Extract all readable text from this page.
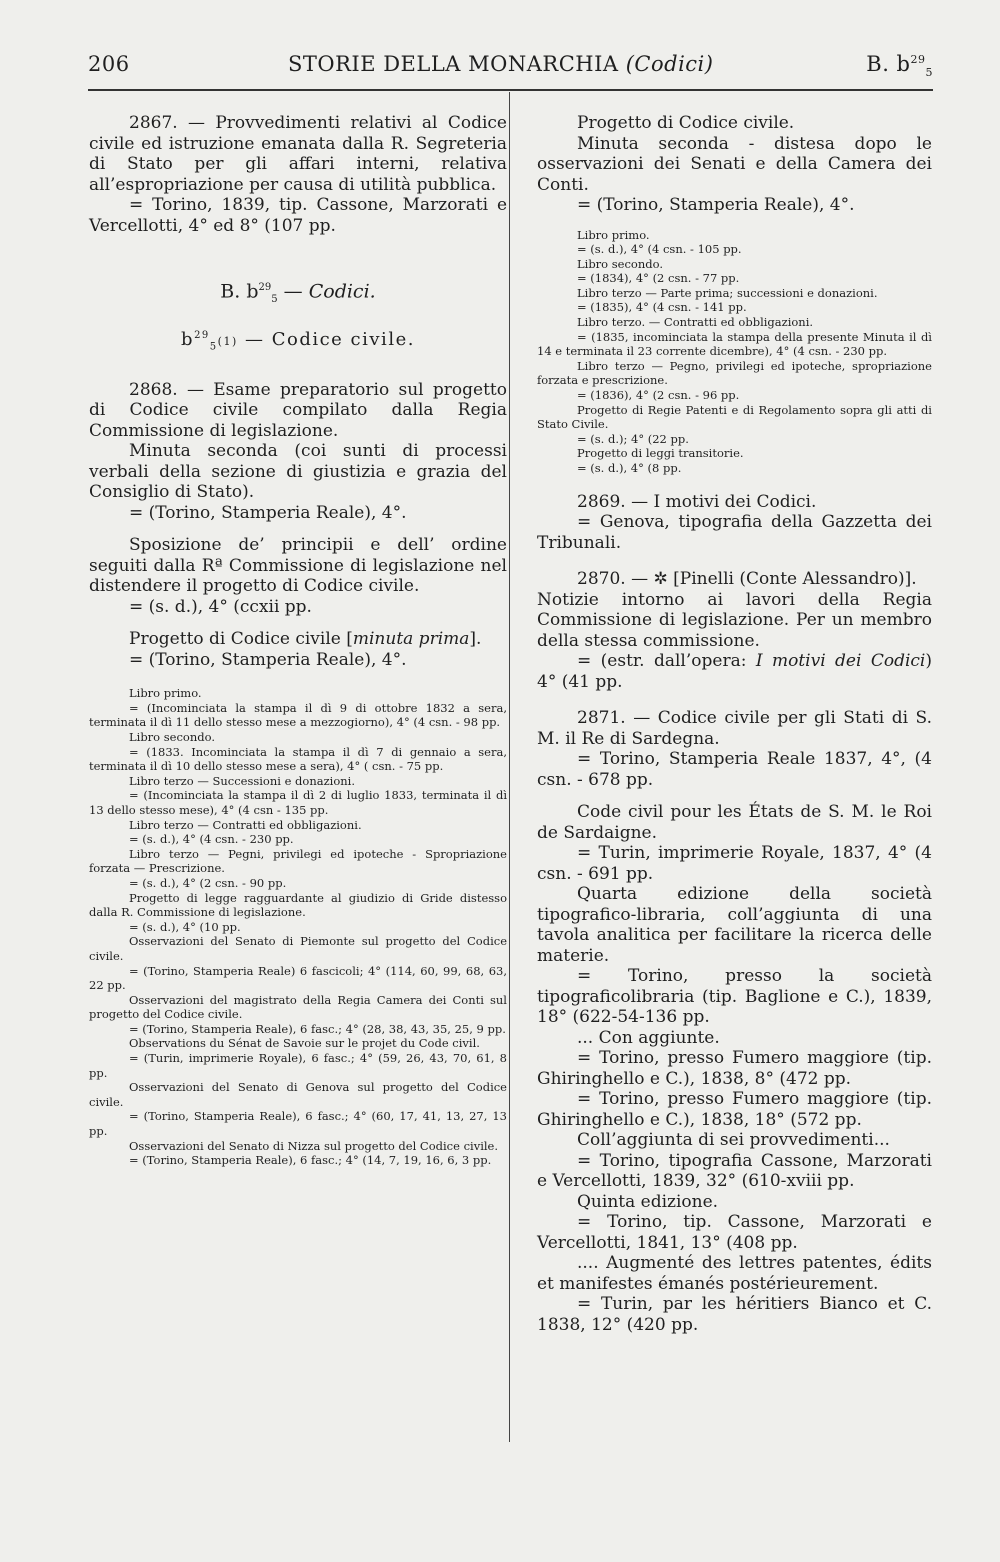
206	STORIE DELLA MONARCHIA (Codici)	B. $b^{29}_5$

2867. — Provvedimenti relativi al Codice civile ed istruzione emanata dalla R. Segreteria di Stato per gli affari interni, relativa all’espropriazione per causa di utilità pubblica.

= Torino, 1839, tip. Cassone, Marzorati e Vercellotti, 4° ed 8° (107 pp.

B. $b^{29}_5$ — Codici.

$b^{29}_5(1)$ — Codice civile.

2868. — Esame preparatorio sul progetto di Codice civile compilato dalla Regia Commissione di legislazione.

Minuta seconda (coi sunti di processi verbali della sezione di giustizia e grazia del Consiglio di Stato).

= (Torino, Stamperia Reale), 4°.

Sposizione de’ principii e dell’ ordine seguiti dalla Rª Commissione di legislazione nel distendere il progetto di Codice civile.

= (s. d.), 4° (ccxii pp.

Progetto di Codice civile [minuta prima].

= (Torino, Stamperia Reale), 4°.

Libro primo.

= (Incominciata la stampa il dì 9 di ottobre 1832 a sera, terminata il dì 11 dello stesso mese a mezzogiorno), 4° (4 csn. - 98 pp.

Libro secondo.

= (1833. Incominciata la stampa il dì 7 di gennaio a sera, terminata il dì 10 dello stesso mese a sera), 4° ( csn. - 75 pp.

Libro terzo — Successioni e donazioni.

= (Incominciata la stampa il dì 2 di luglio 1833, terminata il dì 13 dello stesso mese), 4° (4 csn - 135 pp.

Libro terzo — Contratti ed obbligazioni.

= (s. d.), 4° (4 csn. - 230 pp.

Libro terzo — Pegni, privilegi ed ipoteche - Spropriazione forzata — Prescrizione.

= (s. d.), 4° (2 csn. - 90 pp.

Progetto di legge ragguardante al giudizio di Gride distesso dalla R. Commissione di legislazione.

= (s. d.), 4° (10 pp.

Osservazioni del Senato di Piemonte sul progetto del Codice civile.

= (Torino, Stamperia Reale) 6 fascicoli; 4° (114, 60, 99, 68, 63, 22 pp.

Osservazioni del magistrato della Regia Camera dei Conti sul progetto del Codice civile.

= (Torino, Stamperia Reale), 6 fasc.; 4° (28, 38, 43, 35, 25, 9 pp.

Observations du Sénat de Savoie sur le projet du Code civil.

= (Turin, imprimerie Royale), 6 fasc.; 4° (59, 26, 43, 70, 61, 8 pp.

Osservazioni del Senato di Genova sul progetto del Codice civile.

= (Torino, Stamperia Reale), 6 fasc.; 4° (60, 17, 41, 13, 27, 13 pp.

Osservazioni del Senato di Nizza sul progetto del Codice civile.

= (Torino, Stamperia Reale), 6 fasc.; 4° (14, 7, 19, 16, 6, 3 pp.

Progetto di Codice civile.

Minuta seconda - distesa dopo le osservazioni dei Senati e della Camera dei Conti.

= (Torino, Stamperia Reale), 4°.

Libro primo.

= (s. d.), 4° (4 csn. - 105 pp.

Libro secondo.

= (1834), 4° (2 csn. - 77 pp.

Libro terzo — Parte prima; successioni e donazioni.

= (1835), 4° (4 csn. - 141 pp.

Libro terzo. — Contratti ed obbligazioni.

= (1835, incominciata la stampa della presente Minuta il dì 14 e terminata il 23 corrente dicembre), 4° (4 csn. - 230 pp.

Libro terzo — Pegno, privilegi ed ipoteche, spropriazione forzata e prescrizione.

= (1836), 4° (2 csn. - 96 pp.

Progetto di Regie Patenti e di Regolamento sopra gli atti di Stato Civile.

= (s. d.); 4° (22 pp.

Progetto di leggi transitorie.

= (s. d.), 4° (8 pp.

2869. — I motivi dei Codici.

= Genova, tipografia della Gazzetta dei Tribunali.

2870. — ✲ [Pinelli (Conte Alessandro)].

Notizie intorno ai lavori della Regia Commissione di legislazione. Per un membro della stessa commissione.

= (estr. dall’opera: I motivi dei Codici) 4° (41 pp.

2871. — Codice civile per gli Stati di S. M. il Re di Sardegna.

= Torino, Stamperia Reale 1837, 4°, (4 csn. - 678 pp.

Code civil pour les États de S. M. le Roi de Sardaigne.

= Turin, imprimerie Royale, 1837, 4° (4 csn. - 691 pp.

Quarta edizione della società tipografico-libraria, coll’aggiunta di una tavola analitica per facilitare la ricerca delle materie.

= Torino, presso la società tipograficolibraria (tip. Baglione e C.), 1839, 18° (622-54-136 pp.

... Con aggiunte.

= Torino, presso Fumero maggiore (tip. Ghiringhello e C.), 1838, 8° (472 pp.

= Torino, presso Fumero maggiore (tip. Ghiringhello e C.), 1838, 18° (572 pp.

Coll’aggiunta di sei provvedimenti...

= Torino, tipografia Cassone, Marzorati e Vercellotti, 1839, 32° (610-xviii pp.

Quinta edizione.

= Torino, tip. Cassone, Marzorati e Vercellotti, 1841, 13° (408 pp.

.... Augmenté des lettres patentes, édits et manifestes émanés postérieurement.

= Turin, par les héritiers Bianco et C. 1838, 12° (420 pp.
